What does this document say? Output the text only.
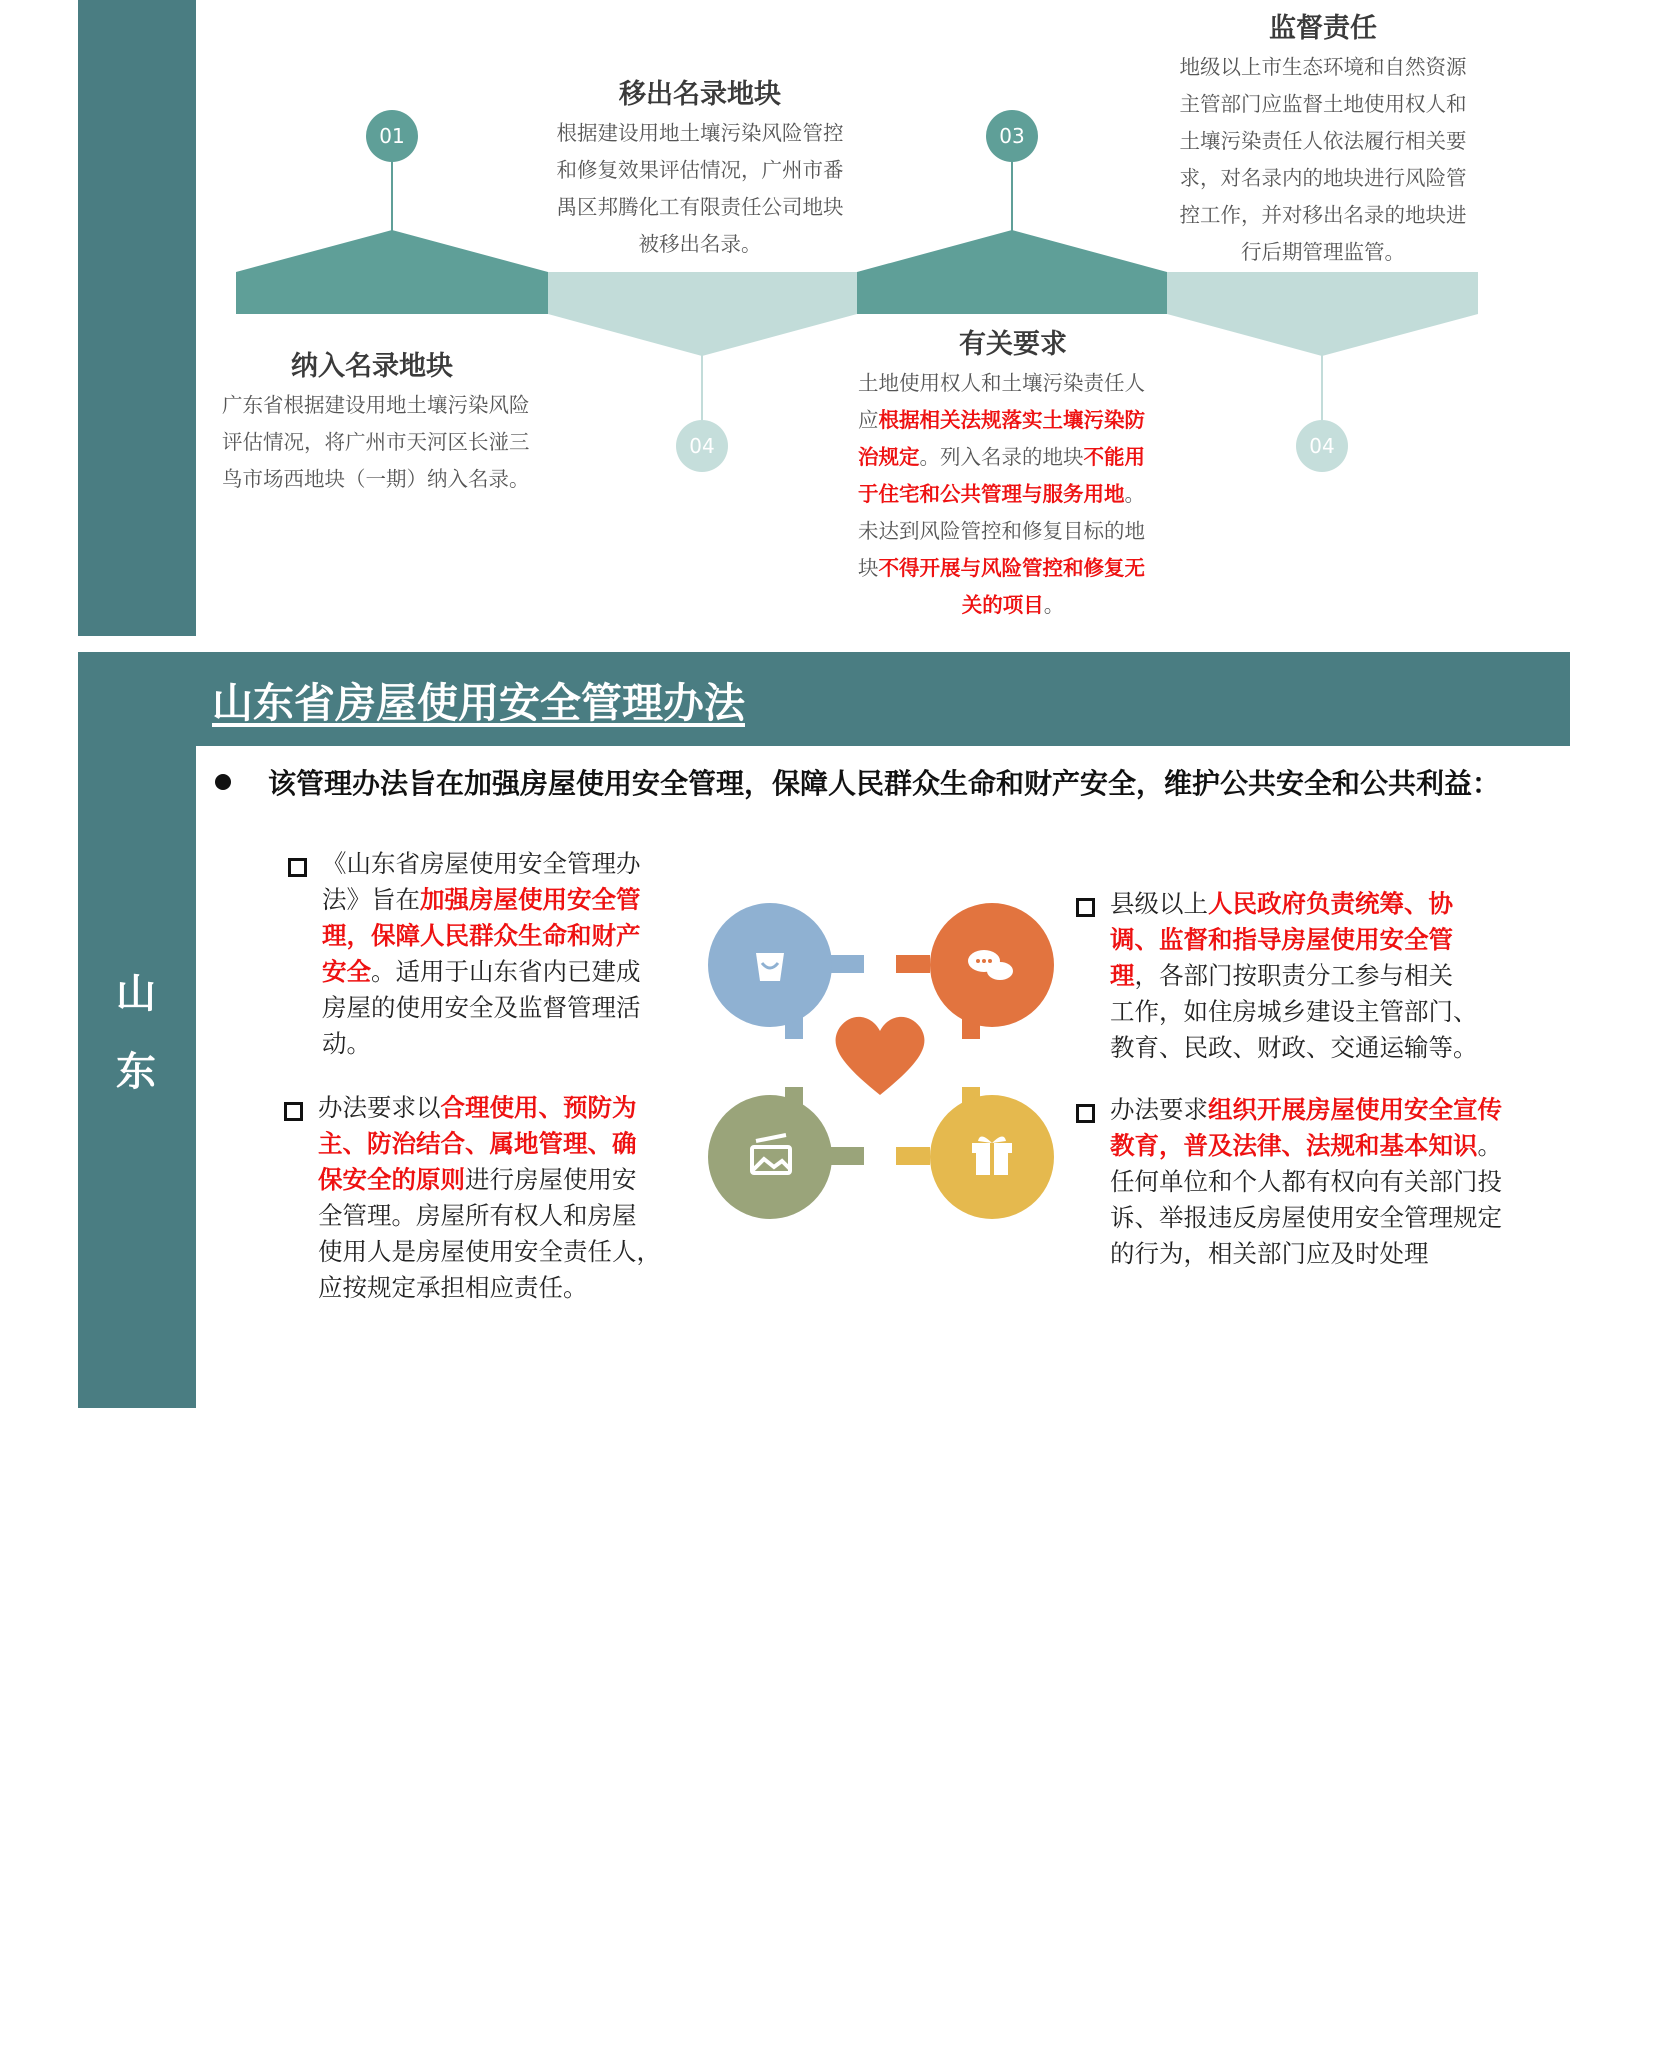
山
东
01	03
04	04
移出名录地块
根据建设用地土壤污染风险管控
和修复效果评估情况，广州市番
禺区邦腾化工有限责任公司地块
被移出名录。
纳入名录地块
广东省根据建设用地土壤污染风险
评估情况，将广州市天河区长湴三
鸟市场西地块（一期）纳入名录。
监督责任
地级以上市生态环境和自然资源
主管部门应监督土地使用权人和
土壤污染责任人依法履行相关要
求，对名录内的地块进行风险管
控工作，并对移出名录的地块进
行后期管理监管。
有关要求
土地使用权人和土壤污染责任人
应根据相关法规落实土壤污染防
治规定。列入名录的地块不能用
于住宅和公共管理与服务用地。
未达到风险管控和修复目标的地
块不得开展与风险管控和修复无
关的项目。
山东省房屋使用安全管理办法
该管理办法旨在加强房屋使用安全管理，保障人民群众生命和财产安全，维护公共安全和公共利益：
《山东省房屋使用安全管理办
法》旨在加强房屋使用安全管
理，保障人民群众生命和财产
安全。适用于山东省内已建成
房屋的使用安全及监督管理活
动。
办法要求以合理使用、预防为
主、防治结合、属地管理、确
保安全的原则进行房屋使用安
全管理。房屋所有权人和房屋
使用人是房屋使用安全责任人，
应按规定承担相应责任。
县级以上人民政府负责统筹、协
调、监督和指导房屋使用安全管
理，各部门按职责分工参与相关
工作，如住房城乡建设主管部门、
教育、民政、财政、交通运输等。
办法要求组织开展房屋使用安全宣传
教育，普及法律、法规和基本知识。
任何单位和个人都有权向有关部门投
诉、举报违反房屋使用安全管理规定
的行为，相关部门应及时处理
